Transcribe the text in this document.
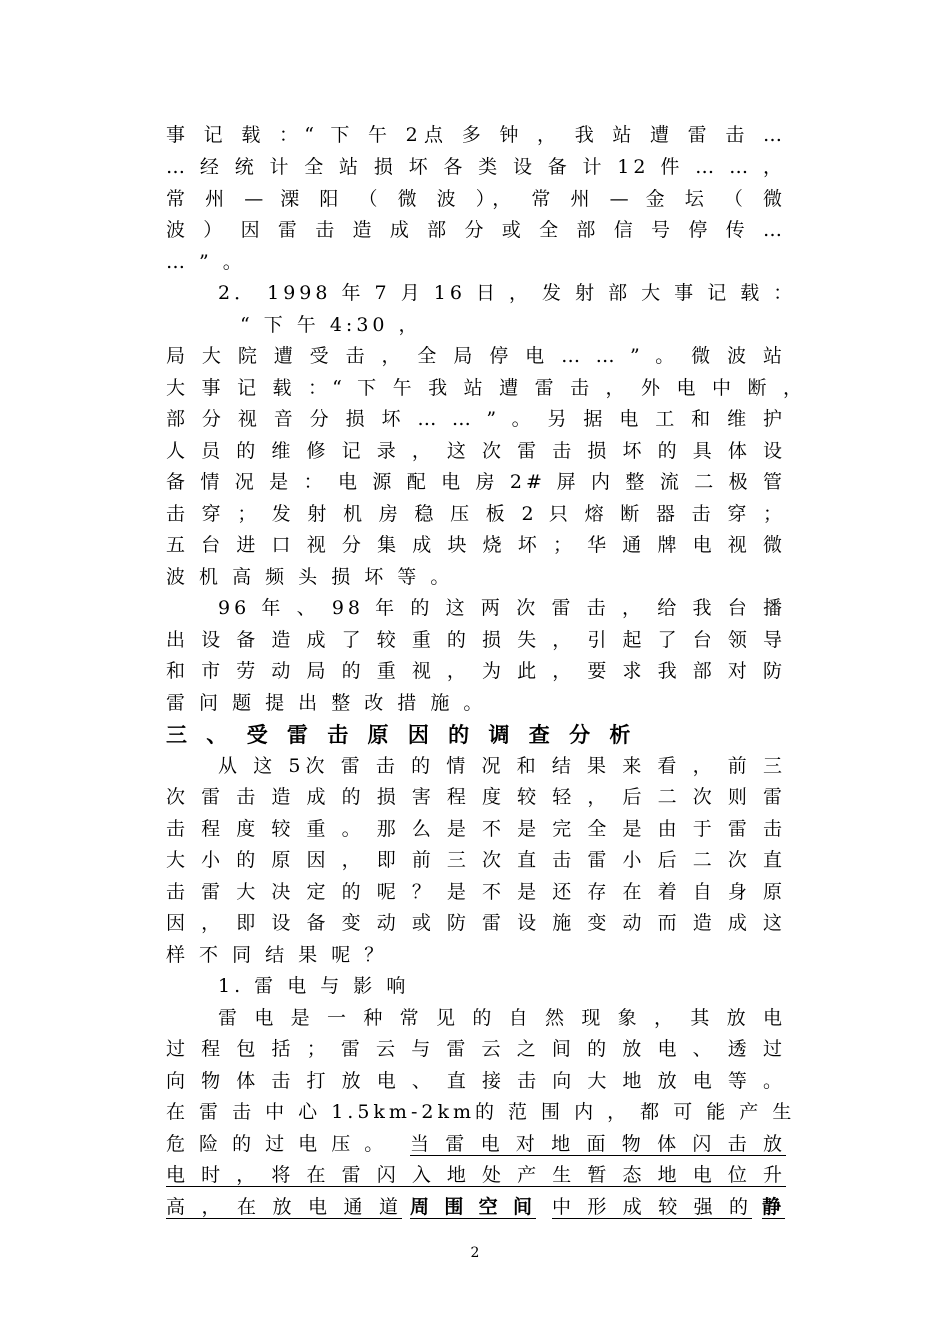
事 记 载 ：“ 下 午 2点 多 钟 ， 我 站 遭 雷 击 …
… 经 统 计 全 站 损 坏 各 类 设 备 计 12 件 … … ，
常 州 — 溧 阳 （ 微 波 ）， 常 州 — 金 坛 （ 微
波 ） 因 雷 击 造 成 部 分 或 全 部 信 号 停 传 …
… ” 。
2． 1998 年 7 月 16 日 ， 发 射 部 大 事 记 载 ：
“ 下 午 4:30 ，
局 大 院 遭 受 击 ， 全 局 停 电 … … ” 。 微 波 站
大 事 记 载 ：“ 下 午 我 站 遭 雷 击 ， 外 电 中 断 ，
部 分 视 音 分 损 坏 … … ” 。 另 据 电 工 和 维 护
人 员 的 维 修 记 录 ， 这 次 雷 击 损 坏 的 具 体 设
备 情 况 是 ： 电 源 配 电 房 2# 屏 内 整 流 二 极 管
击 穿 ； 发 射 机 房 稳 压 板 2 只 熔 断 器 击 穿 ；
五 台 进 口 视 分 集 成 块 烧 坏 ； 华 通 牌 电 视 微
波 机 高 频 头 损 坏 等 。
96 年 、 98 年 的 这 两 次 雷 击 ， 给 我 台 播
出 设 备 造 成 了 较 重 的 损 失 ， 引 起 了 台 领 导
和 市 劳 动 局 的 重 视 ， 为 此 ， 要 求 我 部 对 防
雷 问 题 提 出 整 改 措 施 。
三 、 受 雷 击 原 因 的 调 查 分 析
从 这 5次 雷 击 的 情 况 和 结 果 来 看 ， 前 三
次 雷 击 造 成 的 损 害 程 度 较 轻 ， 后 二 次 则 雷
击 程 度 较 重 。 那 么 是 不 是 完 全 是 由 于 雷 击
大 小 的 原 因 ， 即 前 三 次 直 击 雷 小 后 二 次 直
击 雷 大 决 定 的 呢 ？ 是 不 是 还 存 在 着 自 身 原
因 ， 即 设 备 变 动 或 防 雷 设 施 变 动 而 造 成 这
样 不 同 结 果 呢 ？
1. 雷 电 与 影 响
雷 电 是 一 种 常 见 的 自 然 现 象 ， 其 放 电
过 程 包 括 ； 雷 云 与 雷 云 之 间 的 放 电 、 透 过
向 物 体 击 打 放 电 、 直 接 击 向 大 地 放 电 等 。
在 雷 击 中 心 1.5km-2km的 范 围 内 ， 都 可 能 产 生
危 险 的 过 电 压 。	当 雷 电 对 地 面 物 体 闪 击 放
电 时 ， 将 在 雷 闪 入 地 处 产 生 暂 态 地 电 位 升
高 ， 在 放 电 通 道 周 围 空 间 中 形 成 较 强 的 静
2
